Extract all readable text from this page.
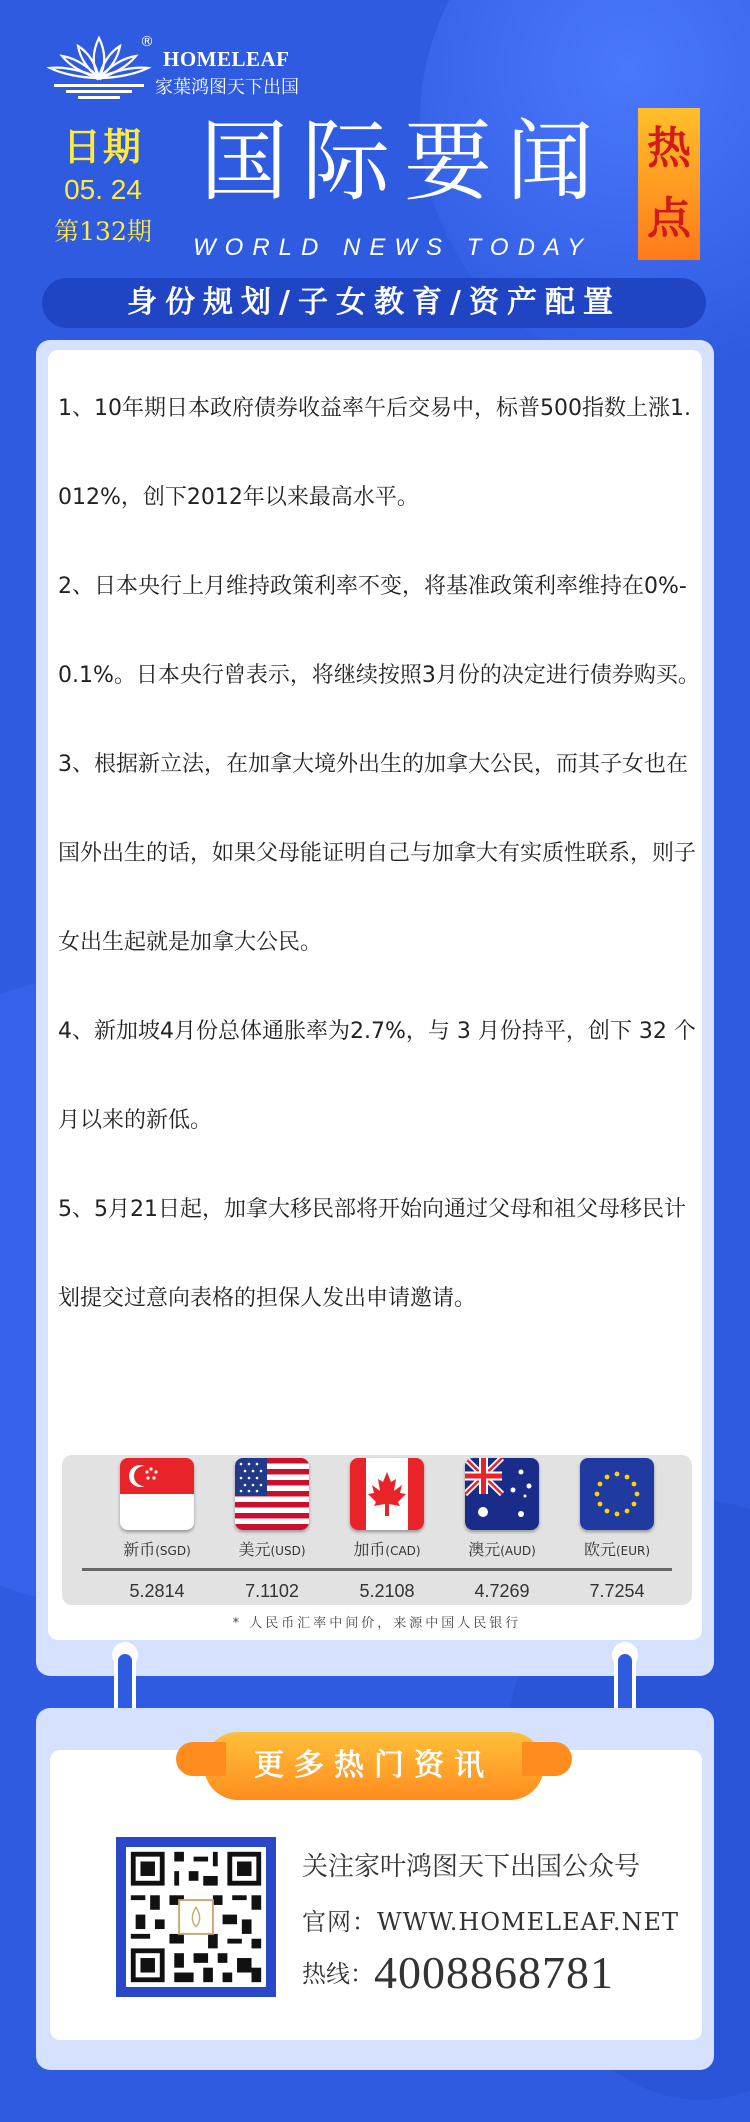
®
HOMELEAF
家葉鸿图天下出国
日期
05. 24
第132期
国际要闻
WORLD NEWS TODAY
热点
身份规划/子女教育/资产配置
1、10年期日本政府债券收益率午后交易中，标普500指数上涨1.012%，创下2012年以来最高水平。
2、日本央行上月维持政策利率不变，将基准政策利率维持在0%-0.1%。日本央行曾表示，将继续按照3月份的决定进行债券购买。
3、根据新立法，在加拿大境外出生的加拿大公民，而其子女也在国外出生的话，如果父母能证明自己与加拿大有实质性联系，则子女出生起就是加拿大公民。
4、新加坡4月份总体通胀率为2.7%，与 3 月份持平，创下 32 个月以来的新低。
5、5月21日起，加拿大移民部将开始向通过父母和祖父母移民计划提交过意向表格的担保人发出申请邀请。
新币(SGD)
5.2814
美元(USD)
7.1102
加币(CAD)
5.2108
澳元(AUD)
4.7269
欧元(EUR)
7.7254
* 人民币汇率中间价，来源中国人民银行
更多热门资讯
关注家叶鸿图天下出国公众号
官网：WWW.HOMELEAF.NET
热线：4008868781
